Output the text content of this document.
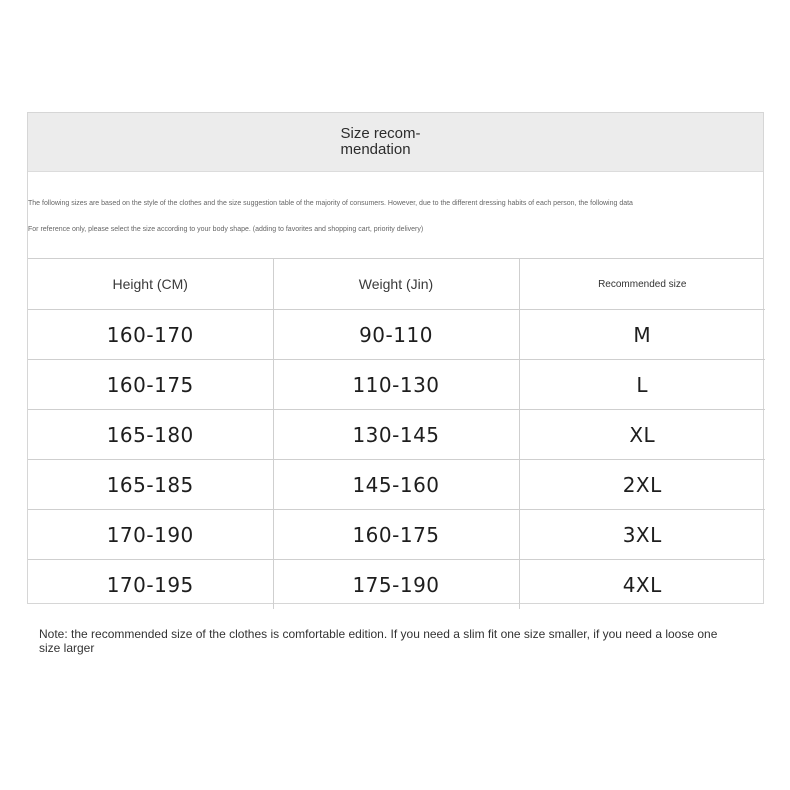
Size recom-
mendation
The following sizes are based on the style of the clothes and the size suggestion table of the majority of consumers. However, due to the different dressing habits of each person, the following data
For reference only, please select the size according to your body shape. (adding to favorites and shopping cart, priority delivery)
Height (CM)	Weight (Jin)	Recommended size
160-170	90-110	M
160-175	110-130	L
165-180	130-145	XL
165-185	145-160	2XL
170-190	160-175	3XL
170-195	175-190	4XL
Note: the recommended size of the clothes is comfortable edition. If you need a slim fit one size smaller, if you need a loose one size larger
